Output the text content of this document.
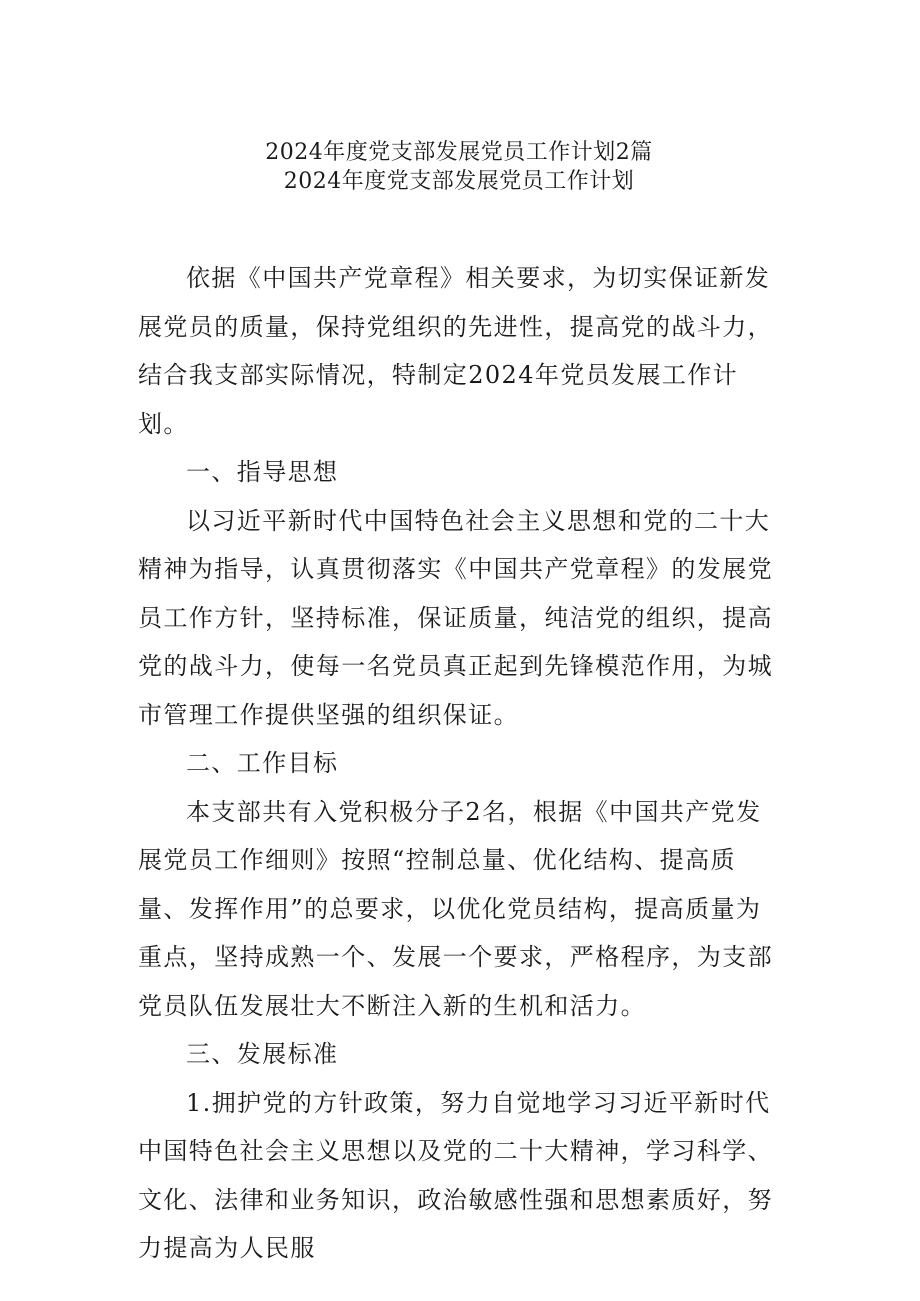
2024年度党支部发展党员工作计划2篇
2024年度党支部发展党员工作计划

依据《中国共产党章程》相关要求，为切实保证新发展党员的质量，保持党组织的先进性，提高党的战斗力，结合我支部实际情况，特制定2024年党员发展工作计划。

一、指导思想

以习近平新时代中国特色社会主义思想和党的二十大精神为指导，认真贯彻落实《中国共产党章程》的发展党员工作方针，坚持标准，保证质量，纯洁党的组织，提高党的战斗力，使每一名党员真正起到先锋模范作用，为城市管理工作提供坚强的组织保证。

二、工作目标

本支部共有入党积极分子2名，根据《中国共产党发展党员工作细则》按照“控制总量、优化结构、提高质量、发挥作用”的总要求，以优化党员结构，提高质量为重点，坚持成熟一个、发展一个要求，严格程序，为支部党员队伍发展壮大不断注入新的生机和活力。

三、发展标准

1.拥护党的方针政策，努力自觉地学习习近平新时代中国特色社会主义思想以及党的二十大精神，学习科学、文化、法律和业务知识，政治敏感性强和思想素质好，努力提高为人民服
